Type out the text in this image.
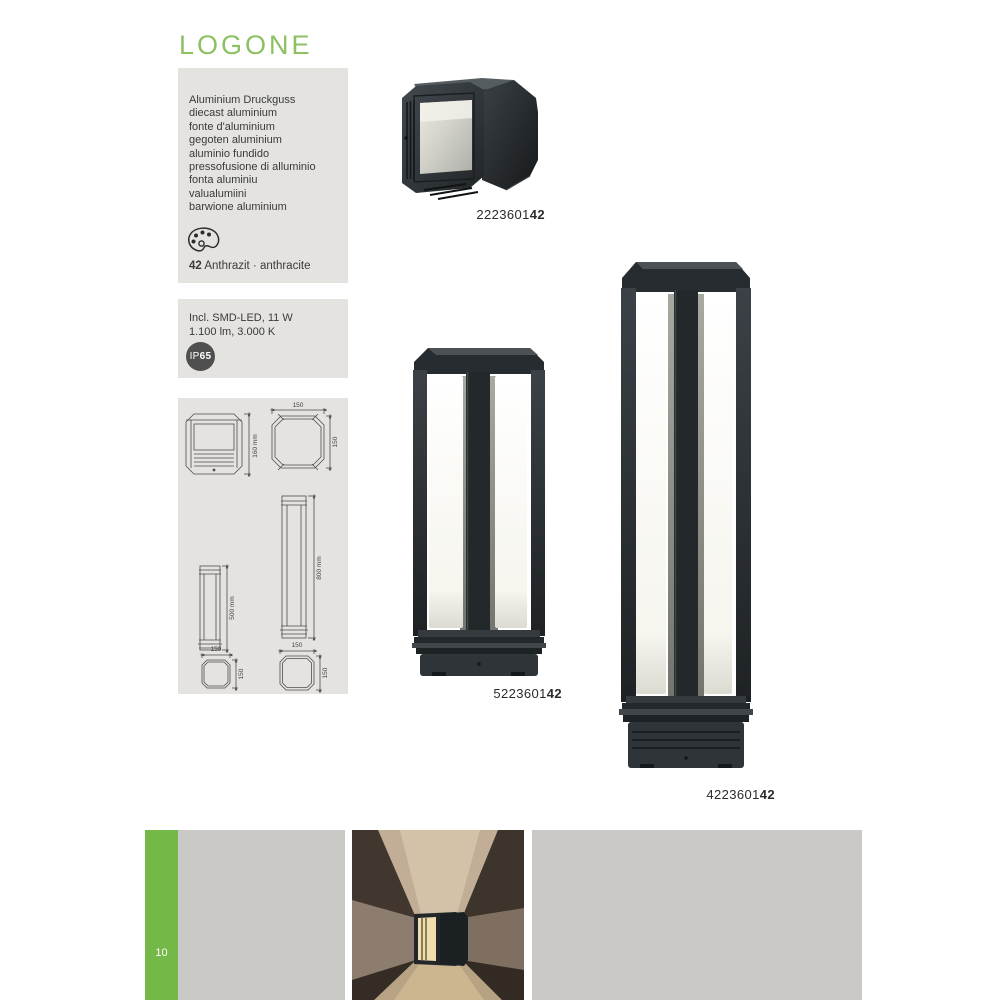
LOGONE
Aluminium Druckguss
diecast aluminium
fonte d'aluminium
gegoten aluminium
aluminio fundido
pressofusione di alluminio
fonta aluminiu
valualumiini
barwione aluminium
42 Anthrazit · anthracite
Incl. SMD-LED, 11 W
1.100 lm, 3.000 K
IP 65
160 mm
150
150
800 mm
500 mm
150
150
150
150
222360142
522360142
422360142
10
